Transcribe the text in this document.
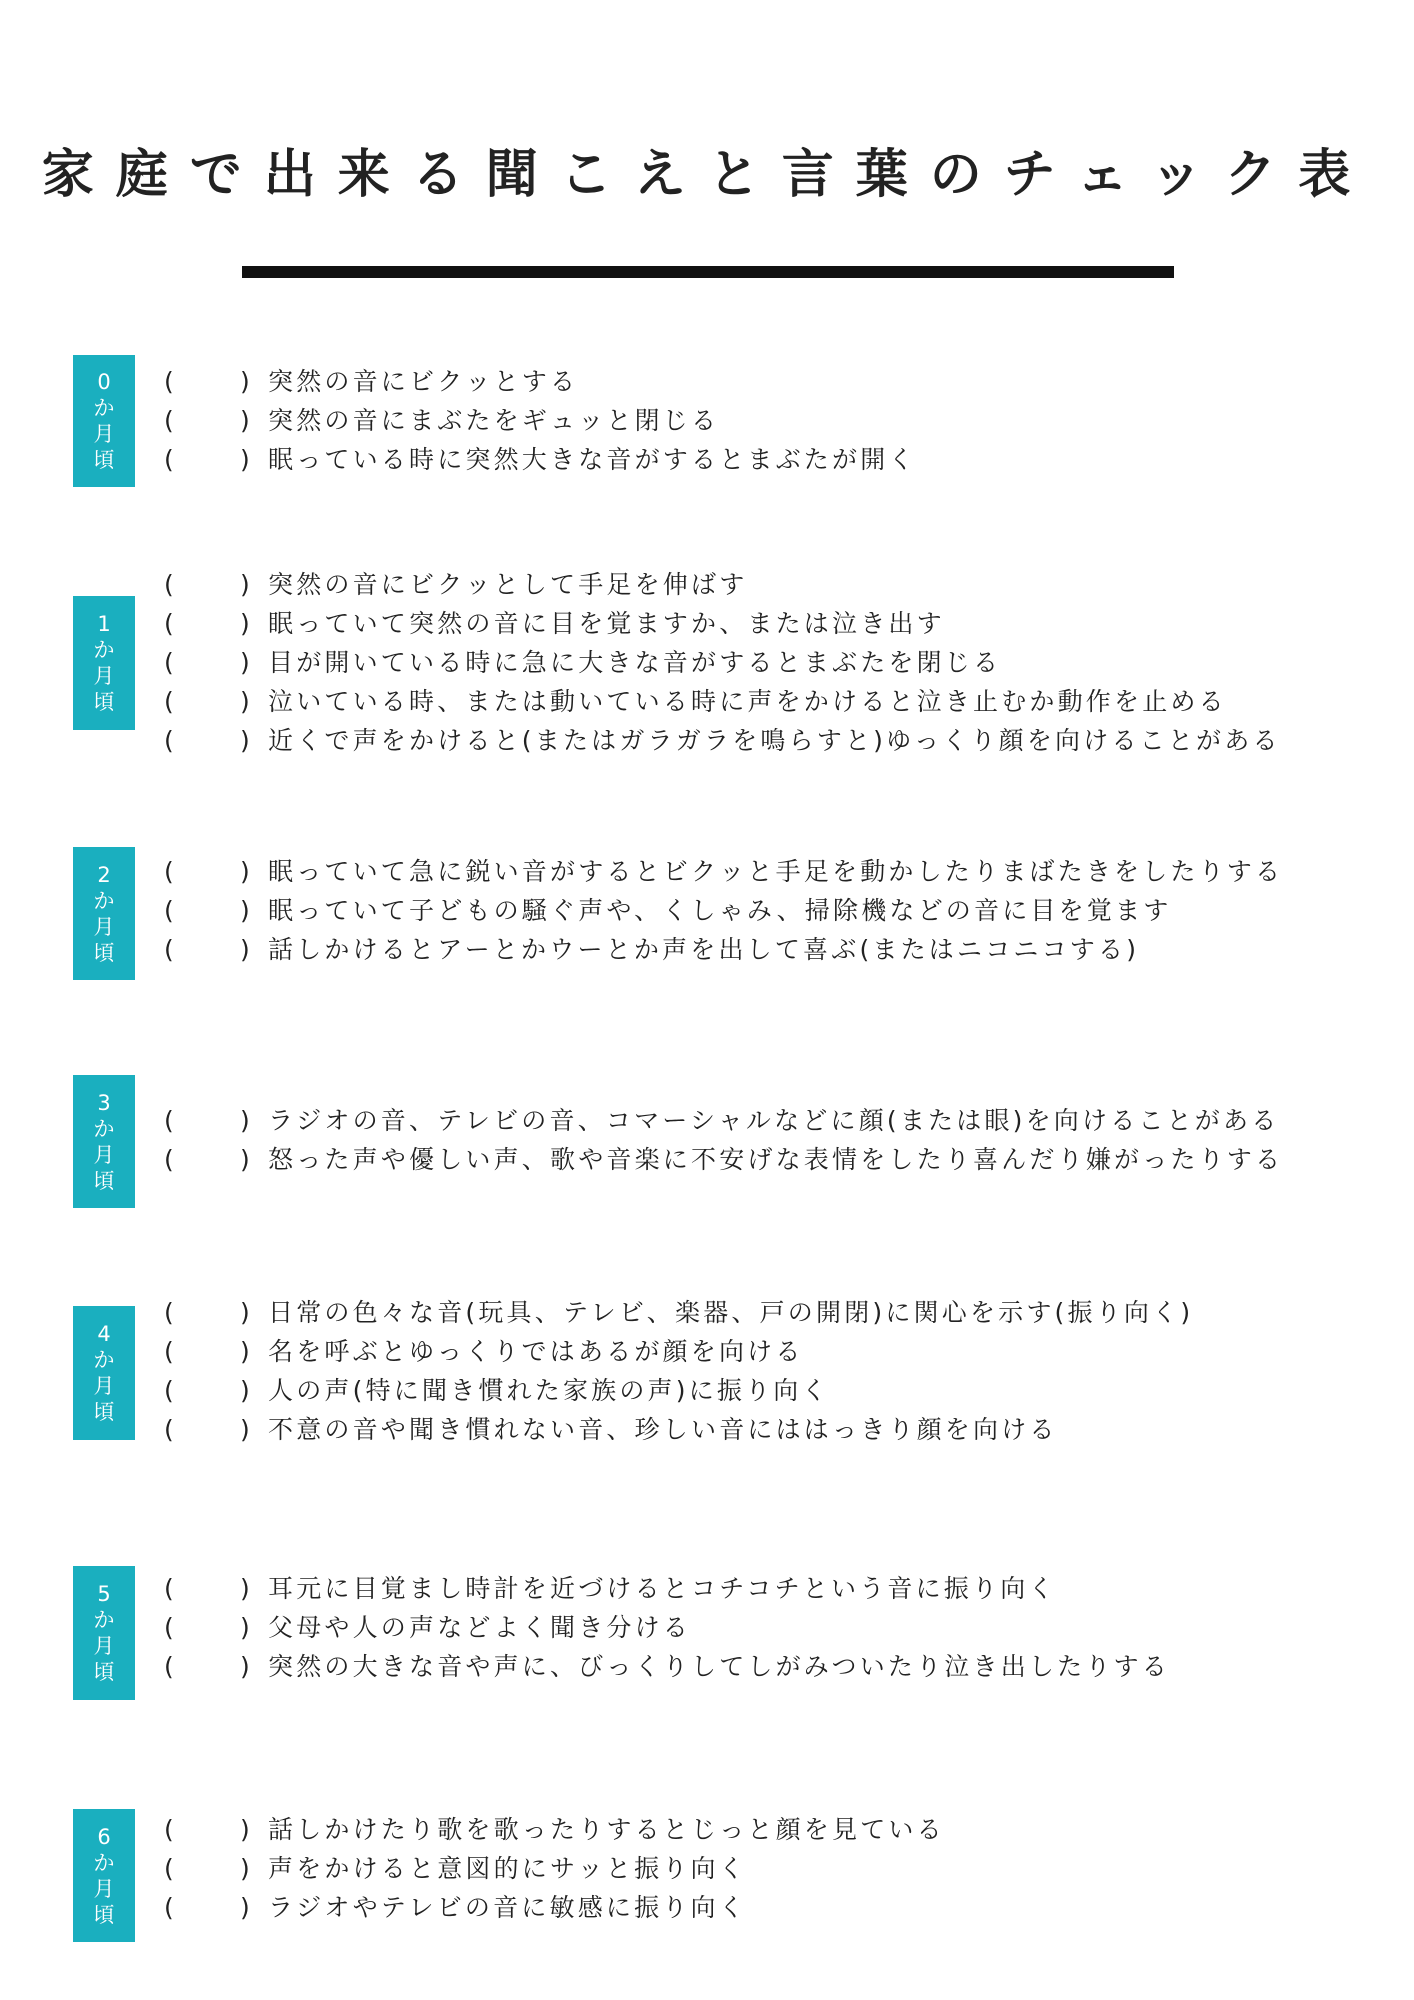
家庭で出来る聞こえと言葉のチェック表
0
か
月
頃
(	) 突然の音にビクッとする
(	) 突然の音にまぶたをギュッと閉じる
(	) 眠っている時に突然大きな音がするとまぶたが開く
1
か
月
頃
(	) 突然の音にビクッとして手足を伸ばす
(	) 眠っていて突然の音に目を覚ますか、または泣き出す
(	) 目が開いている時に急に大きな音がするとまぶたを閉じる
(	) 泣いている時、または動いている時に声をかけると泣き止むか動作を止める
(	) 近くで声をかけると(またはガラガラを鳴らすと)ゆっくり顔を向けることがある
2
か
月
頃
(	) 眠っていて急に鋭い音がするとビクッと手足を動かしたりまばたきをしたりする
(	) 眠っていて子どもの騒ぐ声や、くしゃみ、掃除機などの音に目を覚ます
(	) 話しかけるとアーとかウーとか声を出して喜ぶ(またはニコニコする)
3
か
月
頃
(	) ラジオの音、テレビの音、コマーシャルなどに顔(または眼)を向けることがある
(	) 怒った声や優しい声、歌や音楽に不安げな表情をしたり喜んだり嫌がったりする
4
か
月
頃
(	) 日常の色々な音(玩具、テレビ、楽器、戸の開閉)に関心を示す(振り向く)
(	) 名を呼ぶとゆっくりではあるが顔を向ける
(	) 人の声(特に聞き慣れた家族の声)に振り向く
(	) 不意の音や聞き慣れない音、珍しい音にははっきり顔を向ける
5
か
月
頃
(	) 耳元に目覚まし時計を近づけるとコチコチという音に振り向く
(	) 父母や人の声などよく聞き分ける
(	) 突然の大きな音や声に、びっくりしてしがみついたり泣き出したりする
6
か
月
頃
(	) 話しかけたり歌を歌ったりするとじっと顔を見ている
(	) 声をかけると意図的にサッと振り向く
(	) ラジオやテレビの音に敏感に振り向く
